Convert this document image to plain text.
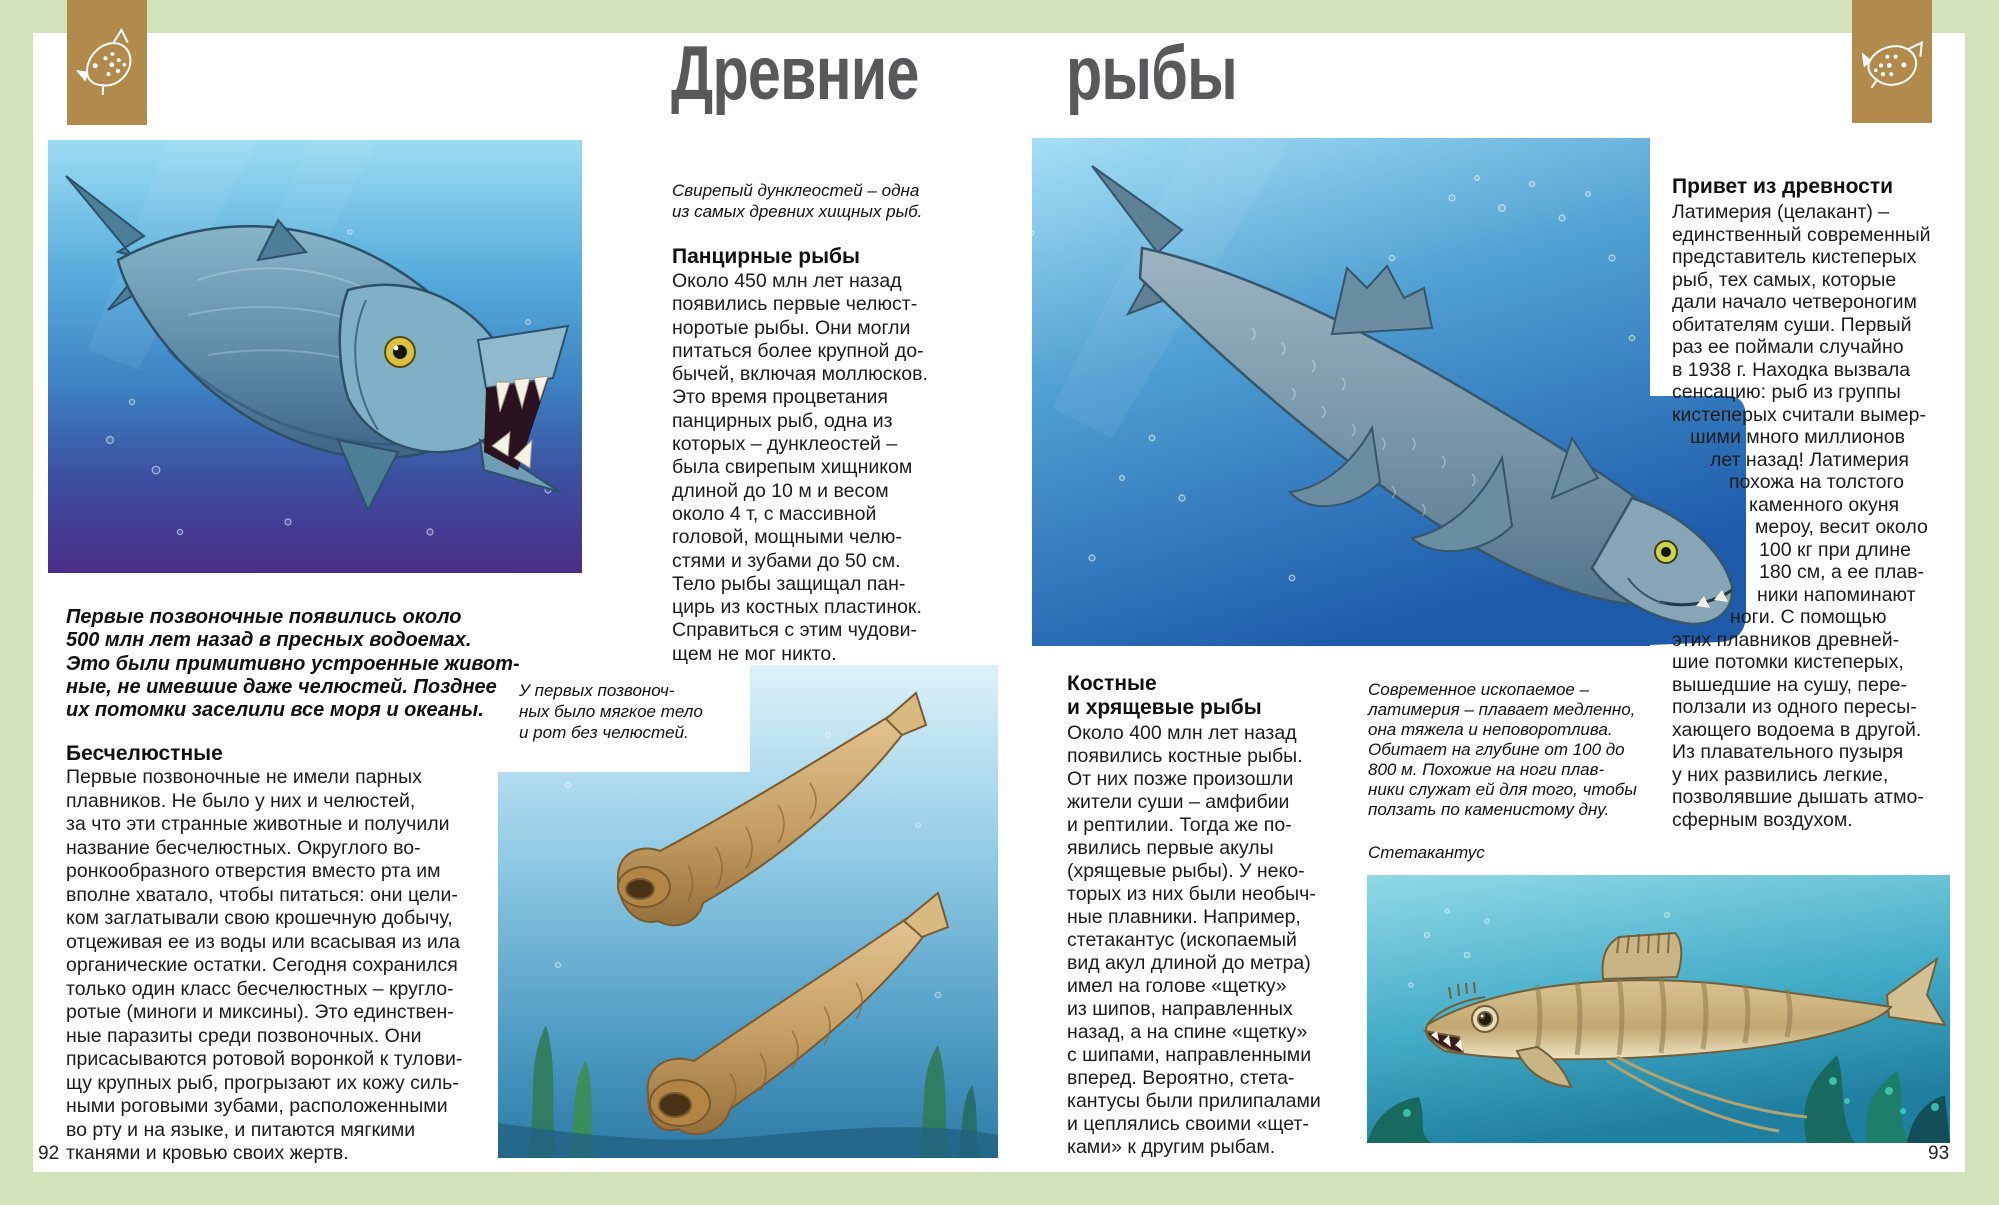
Древние рыбы
Свирепый дунклеостей – одна
из самых древних хищных рыб.
Панцирные рыбы
Около 450 млн лет назад
появились первые челюст-
норотые рыбы. Они могли
питаться более крупной до-
бычей, включая моллюсков.
Это время процветания
панцирных рыб, одна из
которых – дунклеостей –
была свирепым хищником
длиной до 10 м и весом
около 4 т, с массивной
головой, мощными челю-
стями и зубами до 50 см.
Тело рыбы защищал пан-
цирь из костных пластинок.
Справиться с этим чудови-
щем не мог никто.
Первые позвоночные появились около
500 млн лет назад в пресных водоемах.
Это были примитивно устроенные живот-
ные, не имевшие даже челюстей. Позднее
их потомки заселили все моря и океаны.
Бесчелюстные
Первые позвоночные не имели парных
плавников. Не было у них и челюстей,
за что эти странные животные и получили
название бесчелюстных. Округлого во-
ронкообразного отверстия вместо рта им
вполне хватало, чтобы питаться: они цели-
ком заглатывали свою крошечную добычу,
отцеживая ее из воды или всасывая из ила
органические остатки. Сегодня сохранился
только один класс бесчелюстных – кругло-
ротые (миноги и миксины). Это единствен-
ные паразиты среди позвоночных. Они
присасываются ротовой воронкой к тулови-
щу крупных рыб, прогрызают их кожу силь-
ными роговыми зубами, расположенными
во рту и на языке, и питаются мягкими
тканями и кровью своих жертв.
У первых позвоноч-
ных было мягкое тело
и рот без челюстей.
92
Привет из древности
Латимерия (целакант) –
единственный современный
представитель кистеперых
рыб, тех самых, которые
дали начало четвероногим
обитателям суши. Первый
раз ее поймали случайно
в 1938 г. Находка вызвала
сенсацию: рыб из группы
кистеперых считали вымер-
шими много миллионов
лет назад! Латимерия
похожа на толстого
каменного окуня
мероу, весит около
100 кг при длине
180 см, а ее плав-
ники напоминают
ноги. С помощью
этих плавников древней-
шие потомки кистеперых,
вышедшие на сушу, пере-
ползали из одного пересы-
хающего водоема в другой.
Из плавательного пузыря
у них развились легкие,
позволявшие дышать атмо-
сферным воздухом.
Костные
и хрящевые рыбы
Около 400 млн лет назад
появились костные рыбы.
От них позже произошли
жители суши – амфибии
и рептилии. Тогда же по-
явились первые акулы
(хрящевые рыбы). У неко-
торых из них были необыч-
ные плавники. Например,
стетакантус (ископаемый
вид акул длиной до метра)
имел на голове «щетку»
из шипов, направленных
назад, а на спине «щетку»
с шипами, направленными
вперед. Вероятно, стета-
кантусы были прилипалами
и цеплялись своими «щет-
ками» к другим рыбам.
Современное ископаемое –
латимерия – плавает медленно,
она тяжела и неповоротлива.
Обитает на глубине от 100 до
800 м. Похожие на ноги плав-
ники служат ей для того, чтобы
ползать по каменистому дну.
Стетакантус
93
